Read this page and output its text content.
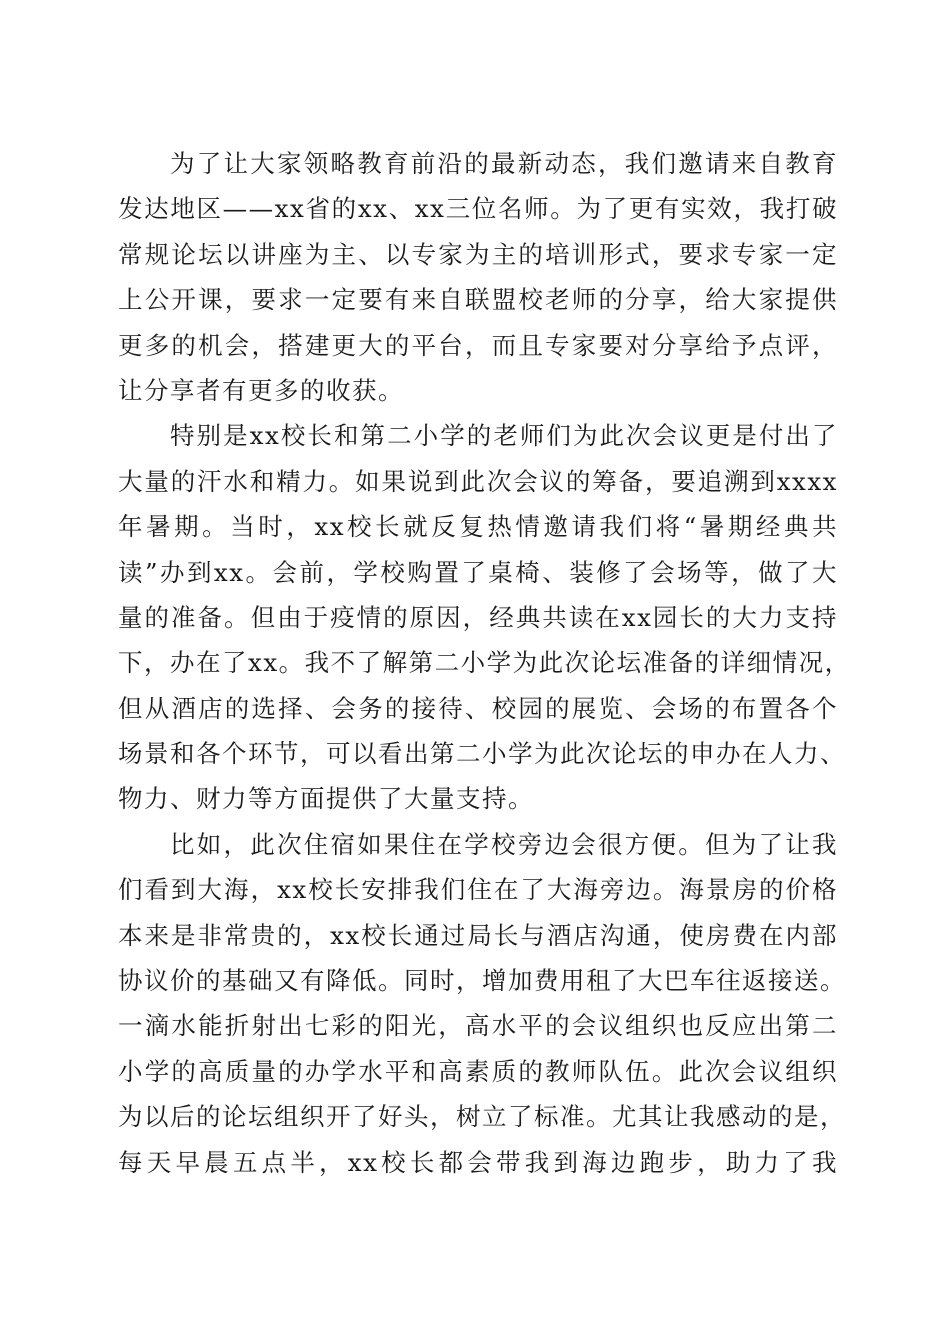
为了让大家领略教育前沿的最新动态，我们邀请来自教育
发达地区——xx省的xx、xx三位名师。为了更有实效，我打破
常规论坛以讲座为主、以专家为主的培训形式，要求专家一定
上公开课，要求一定要有来自联盟校老师的分享，给大家提供
更多的机会，搭建更大的平台，而且专家要对分享给予点评，
让分享者有更多的收获。
特别是xx校长和第二小学的老师们为此次会议更是付出了
大量的汗水和精力。如果说到此次会议的筹备，要追溯到xxxx
年暑期。当时，xx校长就反复热情邀请我们将“暑期经典共
读”办到xx。会前，学校购置了桌椅、装修了会场等，做了大
量的准备。但由于疫情的原因，经典共读在xx园长的大力支持
下，办在了xx。我不了解第二小学为此次论坛准备的详细情况，
但从酒店的选择、会务的接待、校园的展览、会场的布置各个
场景和各个环节，可以看出第二小学为此次论坛的申办在人力、
物力、财力等方面提供了大量支持。
比如，此次住宿如果住在学校旁边会很方便。但为了让我
们看到大海，xx校长安排我们住在了大海旁边。海景房的价格
本来是非常贵的，xx校长通过局长与酒店沟通，使房费在内部
协议价的基础又有降低。同时，增加费用租了大巴车往返接送。
一滴水能折射出七彩的阳光，高水平的会议组织也反应出第二
小学的高质量的办学水平和高素质的教师队伍。此次会议组织
为以后的论坛组织开了好头，树立了标准。尤其让我感动的是，
每天早晨五点半，xx校长都会带我到海边跑步，助力了我
